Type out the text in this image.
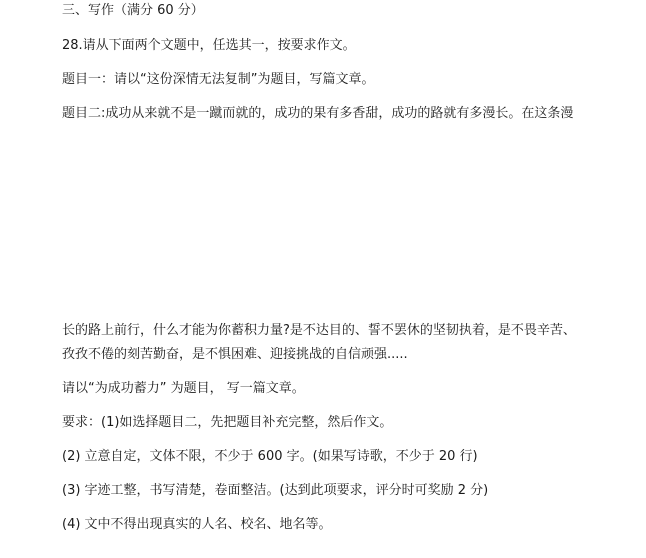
三、写作（满分 60 分）
28.请从下面两个文题中，任选其一，按要求作文。
题目一：请以“这份深情无法复制”为题目，写篇文章。
题目二:成功从来就不是一蹴而就的，成功的果有多香甜，成功的路就有多漫长。在这条漫
长的路上前行，什么才能为你蓄积力量?是不达目的、誓不罢休的坚韧执着，是不畏辛苦、
孜孜不倦的刻苦勤奋，是不惧困难、迎接挑战的自信顽强.....
请以“为成功蓄力” 为题目， 写一篇文章。
要求：(1)如选择题目二，先把题目补充完整，然后作文。
(2) 立意自定，文体不限，不少于 600 字。(如果写诗歌，不少于 20 行)
(3) 字迹工整，书写清楚，卷面整洁。(达到此项要求，评分时可奖励 2 分)
(4) 文中不得出现真实的人名、校名、地名等。
